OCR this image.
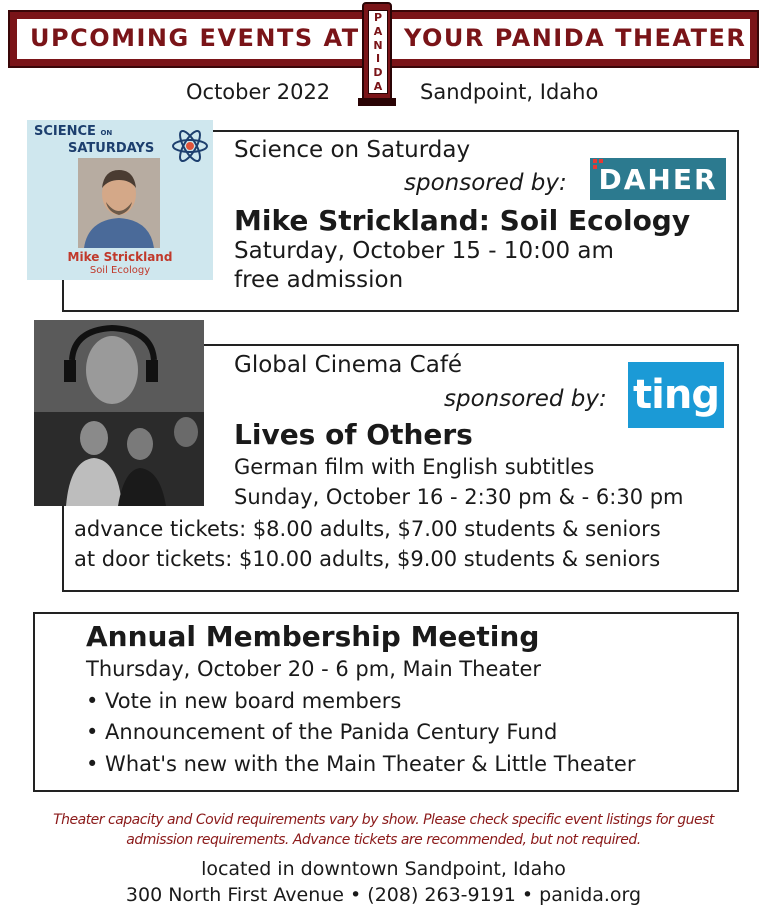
UPCOMING EVENTS AT YOUR PANIDA THEATER
P
A
N
I
D
A
October 2022	Sandpoint, Idaho
SCIENCE ON
SATURDAYS
Mike Strickland
Soil Ecology
Science on Saturday
sponsored by: DAHER
Mike Strickland: Soil Ecology
Saturday, October 15 - 10:00 am
free admission
Global Cinema Café
sponsored by: ting
Lives of Others
German film with English subtitles
Sunday, October 16 - 2:30 pm & - 6:30 pm
advance tickets: $8.00 adults, $7.00 students & seniors
at door tickets: $10.00 adults, $9.00 students & seniors
Annual Membership Meeting
Thursday, October 20 - 6 pm, Main Theater
• Vote in new board members
• Announcement of the Panida Century Fund
• What's new with the Main Theater & Little Theater
Theater capacity and Covid requirements vary by show. Please check specific event listings for guest
admission requirements. Advance tickets are recommended, but not required.
located in downtown Sandpoint, Idaho
300 North First Avenue • (208) 263-9191 • panida.org
